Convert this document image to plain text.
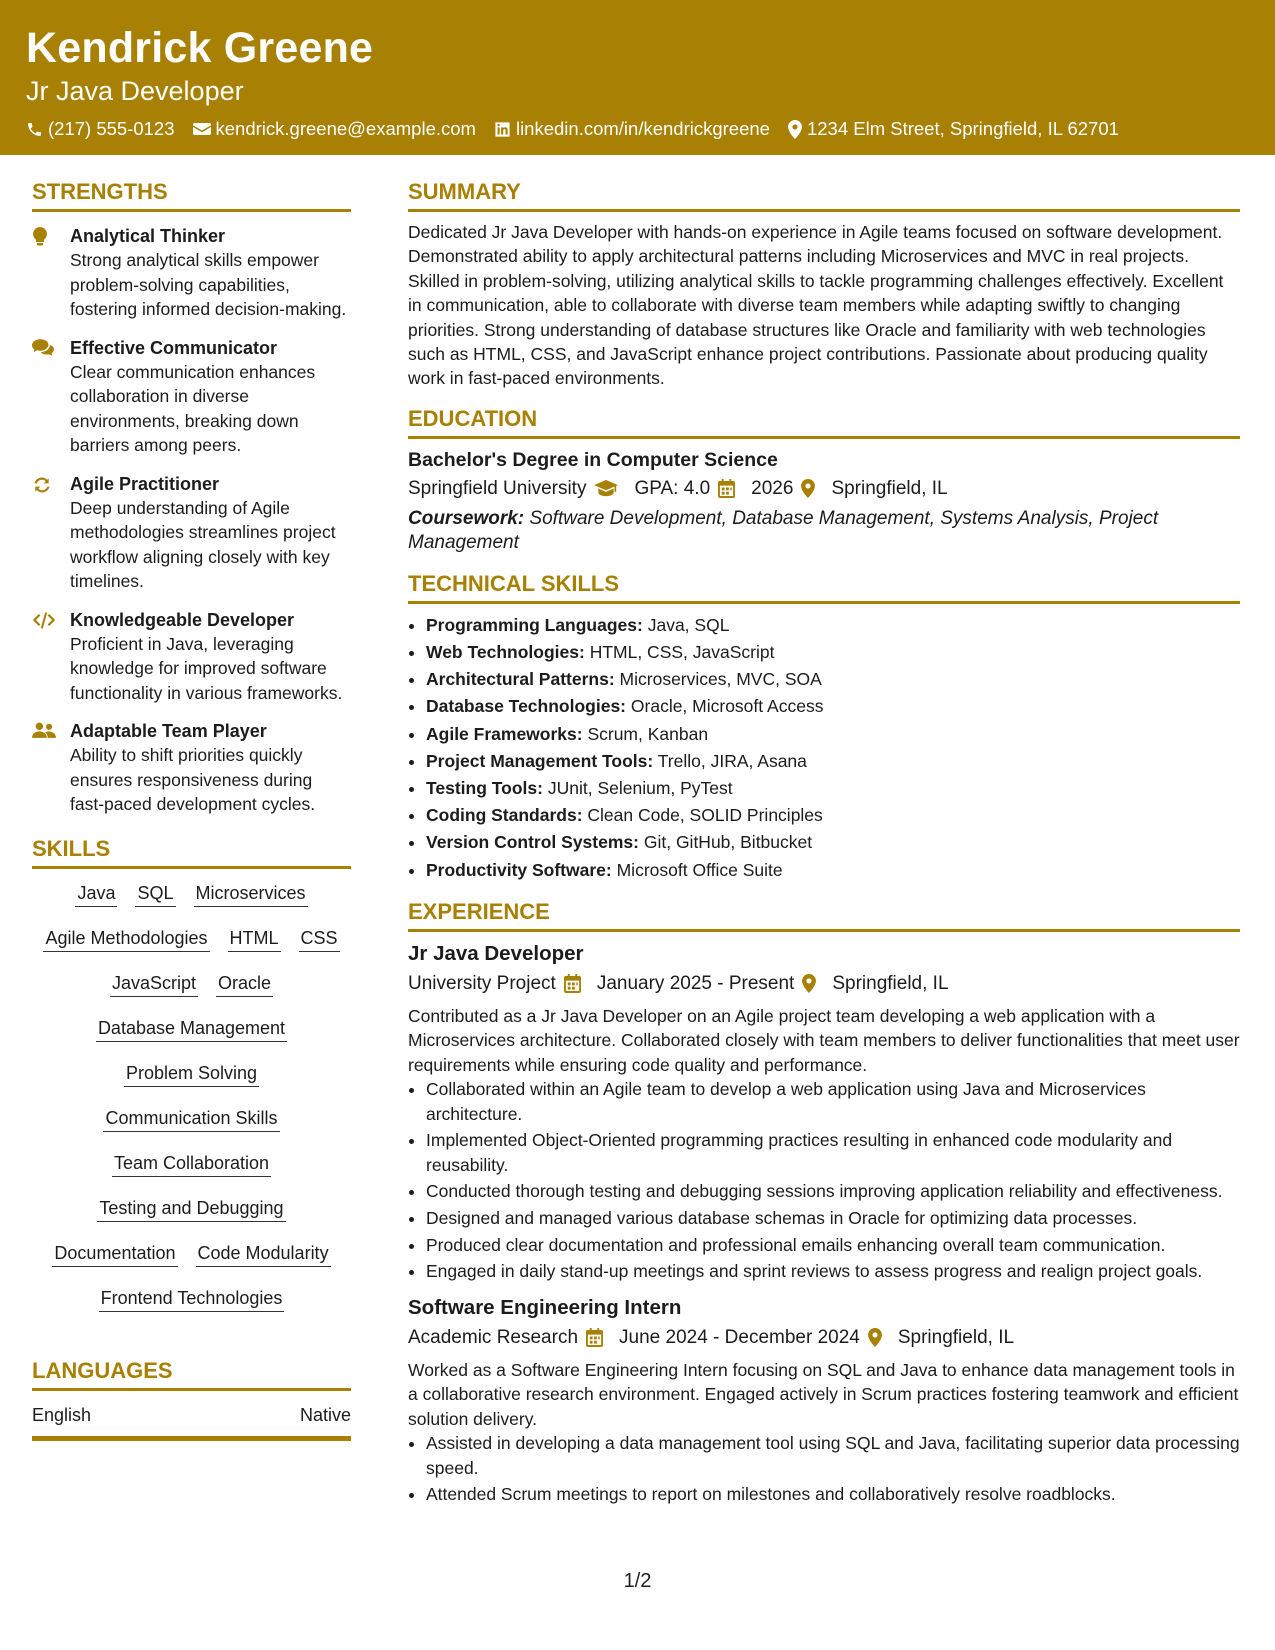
Kendrick Greene
Jr Java Developer
(217) 555-0123 kendrick.greene@example.com linkedin.com/in/kendrickgreene 1234 Elm Street, Springfield, IL 62701
STRENGTHS
Analytical Thinker
Strong analytical skills empower problem-solving capabilities, fostering informed decision-making.
Effective Communicator
Clear communication enhances collaboration in diverse environments, breaking down barriers among peers.
Agile Practitioner
Deep understanding of Agile methodologies streamlines project workflow aligning closely with key timelines.
Knowledgeable Developer
Proficient in Java, leveraging knowledge for improved software functionality in various frameworks.
Adaptable Team Player
Ability to shift priorities quickly ensures responsiveness during fast-paced development cycles.
SKILLS
Java SQL Microservices
Agile Methodologies HTML CSS
JavaScript Oracle
Database Management
Problem Solving
Communication Skills
Team Collaboration
Testing and Debugging
Documentation Code Modularity
Frontend Technologies
LANGUAGES
English	Native
SUMMARY

Dedicated Jr Java Developer with hands-on experience in Agile teams focused on software development. Demonstrated ability to apply architectural patterns including Microservices and MVC in real projects. Skilled in problem-solving, utilizing analytical skills to tackle programming challenges effectively. Excellent in communication, able to collaborate with diverse team members while adapting swiftly to changing priorities. Strong understanding of database structures like Oracle and familiarity with web technologies such as HTML, CSS, and JavaScript enhance project contributions. Passionate about producing quality work in fast-paced environments.

EDUCATION
Bachelor's Degree in Computer Science
Springfield University	GPA: 4.0 2026 Springfield, IL
Coursework: Software Development, Database Management, Systems Analysis, Project Management
TECHNICAL SKILLS
• Programming Languages: Java, SQL
• Web Technologies: HTML, CSS, JavaScript
• Architectural Patterns: Microservices, MVC, SOA
• Database Technologies: Oracle, Microsoft Access
• Agile Frameworks: Scrum, Kanban
• Project Management Tools: Trello, JIRA, Asana
• Testing Tools: JUnit, Selenium, PyTest
• Coding Standards: Clean Code, SOLID Principles
• Version Control Systems: Git, GitHub, Bitbucket
• Productivity Software: Microsoft Office Suite
EXPERIENCE
Jr Java Developer
University Project January 2025 - Present Springfield, IL

Contributed as a Jr Java Developer on an Agile project team developing a web application with a Microservices architecture. Collaborated closely with team members to deliver functionalities that meet user requirements while ensuring code quality and performance.

• Collaborated within an Agile team to develop a web application using Java and Microservices architecture.
• Implemented Object-Oriented programming practices resulting in enhanced code modularity and reusability.
• Conducted thorough testing and debugging sessions improving application reliability and effectiveness.
• Designed and managed various database schemas in Oracle for optimizing data processes.
• Produced clear documentation and professional emails enhancing overall team communication.
• Engaged in daily stand-up meetings and sprint reviews to assess progress and realign project goals.
Software Engineering Intern
Academic Research June 2024 - December 2024 Springfield, IL

Worked as a Software Engineering Intern focusing on SQL and Java to enhance data management tools in a collaborative research environment. Engaged actively in Scrum practices fostering teamwork and efficient solution delivery.

• Assisted in developing a data management tool using SQL and Java, facilitating superior data processing speed.
• Attended Scrum meetings to report on milestones and collaboratively resolve roadblocks.
1/2
